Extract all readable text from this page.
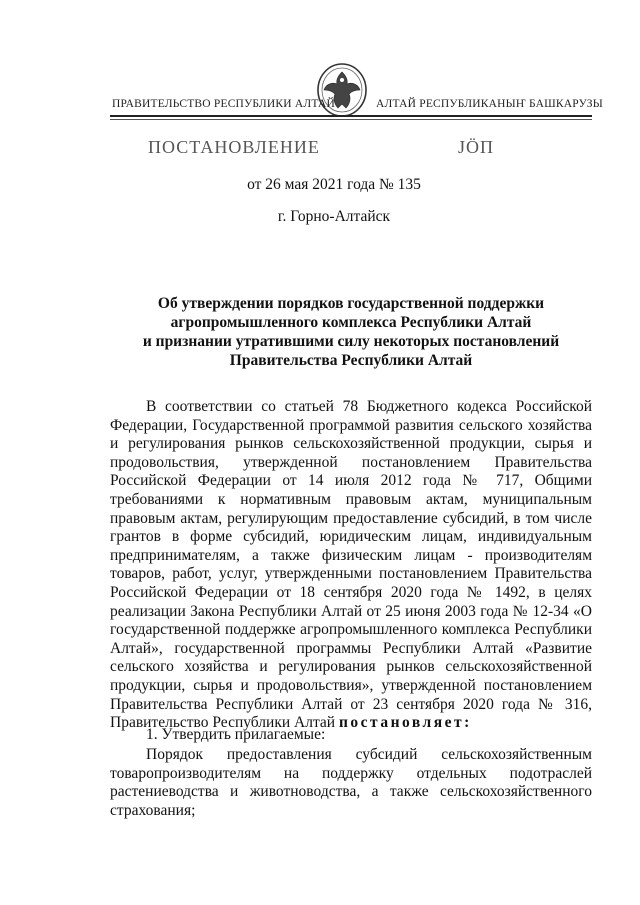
ПРАВИТЕЛЬСТВО РЕСПУБЛИКИ АЛТАЙ	АЛТАЙ РЕСПУБЛИКАНЫҤ БАШКАРУЗЫ
ПОСТАНОВЛЕНИЕ	ЈӦП
от 26 мая 2021 года № 135
г. Горно-Алтайск
Об утверждении порядков государственной поддержки
агропромышленного комплекса Республики Алтай
и признании утратившими силу некоторых постановлений
Правительства Республики Алтай
В соответствии со статьей 78 Бюджетного кодекса Российской Федерации, Государственной программой развития сельского хозяйства и регулирования рынков сельскохозяйственной продукции, сырья и продовольствия, утвержденной постановлением Правительства Российской Федерации от 14 июля 2012 года № 717, Общими требованиями к нормативным правовым актам, муниципальным правовым актам, регулирующим предоставление субсидий, в том числе грантов в форме субсидий, юридическим лицам, индивидуальным предпринимателям, а также физическим лицам - производителям товаров, работ, услуг, утвержденными постановлением Правительства Российской Федерации от 18 сентября 2020 года № 1492, в целях реализации Закона Республики Алтай от 25 июня 2003 года № 12-34 «О государственной поддержке агропромышленного комплекса Республики Алтай», государственной программы Республики Алтай «Развитие сельского хозяйства и регулирования рынков сельскохозяйственной продукции, сырья и продовольствия», утвержденной постановлением Правительства Республики Алтай от 23 сентября 2020 года № 316, Правительство Республики Алтай постановляет:
1. Утвердить прилагаемые:
Порядок предоставления субсидий сельскохозяйственным товаропроизводителям на поддержку отдельных подотраслей растениеводства и животноводства, а также сельскохозяйственного страхования;
